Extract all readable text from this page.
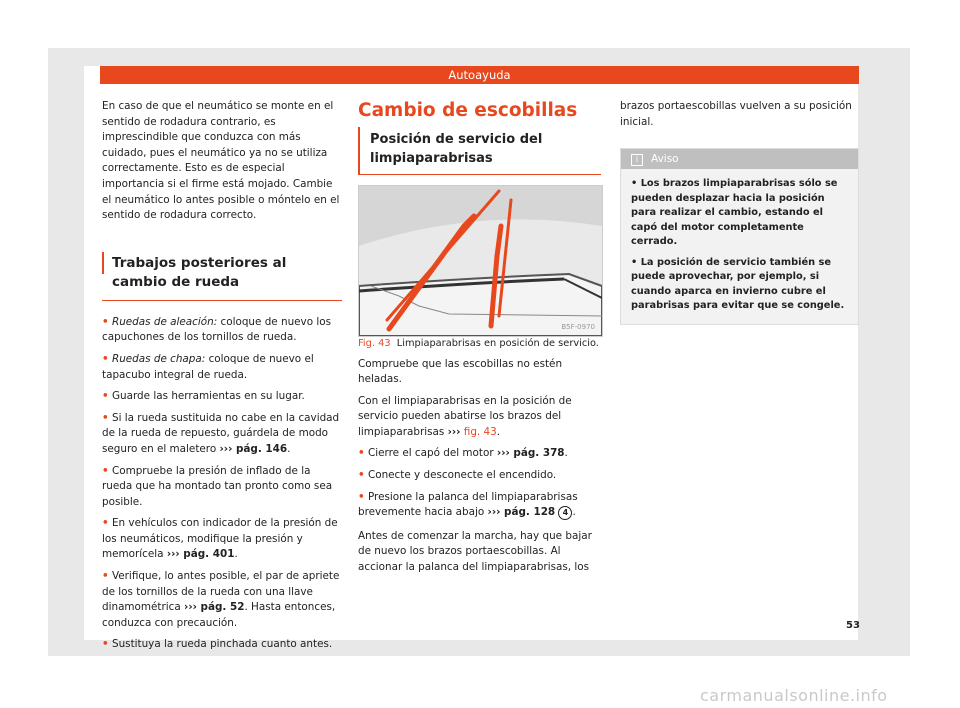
Autoayuda

En caso de que el neumático se monte en el sentido de rodadura contrario, es imprescindible que conduzca con más cuidado, pues el neumático ya no se utiliza correctamente. Esto es de especial importancia si el firme está mojado. Cambie el neumático lo antes posible o móntelo en el sentido de rodadura correcto.

Trabajos posteriores al cambio de rueda

• Ruedas de aleación: coloque de nuevo los capuchones de los tornillos de rueda.

• Ruedas de chapa: coloque de nuevo el tapacubo integral de rueda.

• Guarde las herramientas en su lugar.

• Si la rueda sustituida no cabe en la cavidad de la rueda de repuesto, guárdela de modo seguro en el maletero ››› pág. 146.

• Compruebe la presión de inflado de la rueda que ha montado tan pronto como sea posible.

• En vehículos con indicador de la presión de los neumáticos, modifique la presión y memorícela ››› pág. 401.

• Verifique, lo antes posible, el par de apriete de los tornillos de la rueda con una llave dinamométrica ››› pág. 52. Hasta entonces, conduzca con precaución.

• Sustituya la rueda pinchada cuanto antes.

Cambio de escobillas
Posición de servicio del limpiaparabrisas
B5F-0970

Fig. 43 Limpiaparabrisas en posición de servicio.

Compruebe que las escobillas no estén heladas.

Con el limpiaparabrisas en la posición de servicio pueden abatirse los brazos del limpiaparabrisas ››› fig. 43.

• Cierre el capó del motor ››› pág. 378.

• Conecte y desconecte el encendido.

• Presione la palanca del limpiaparabrisas brevemente hacia abajo ››› pág. 128 4 .

Antes de comenzar la marcha, hay que bajar de nuevo los brazos portaescobillas. Al accionar la palanca del limpiaparabrisas, los

brazos portaescobillas vuelven a su posición inicial.

i Aviso

• Los brazos limpiaparabrisas sólo se pueden desplazar hacia la posición para realizar el cambio, estando el capó del motor completamente cerrado.

• La posición de servicio también se puede aprovechar, por ejemplo, si cuando aparca en invierno cubre el parabrisas para evitar que se congele.

53
carmanualsonline.info
